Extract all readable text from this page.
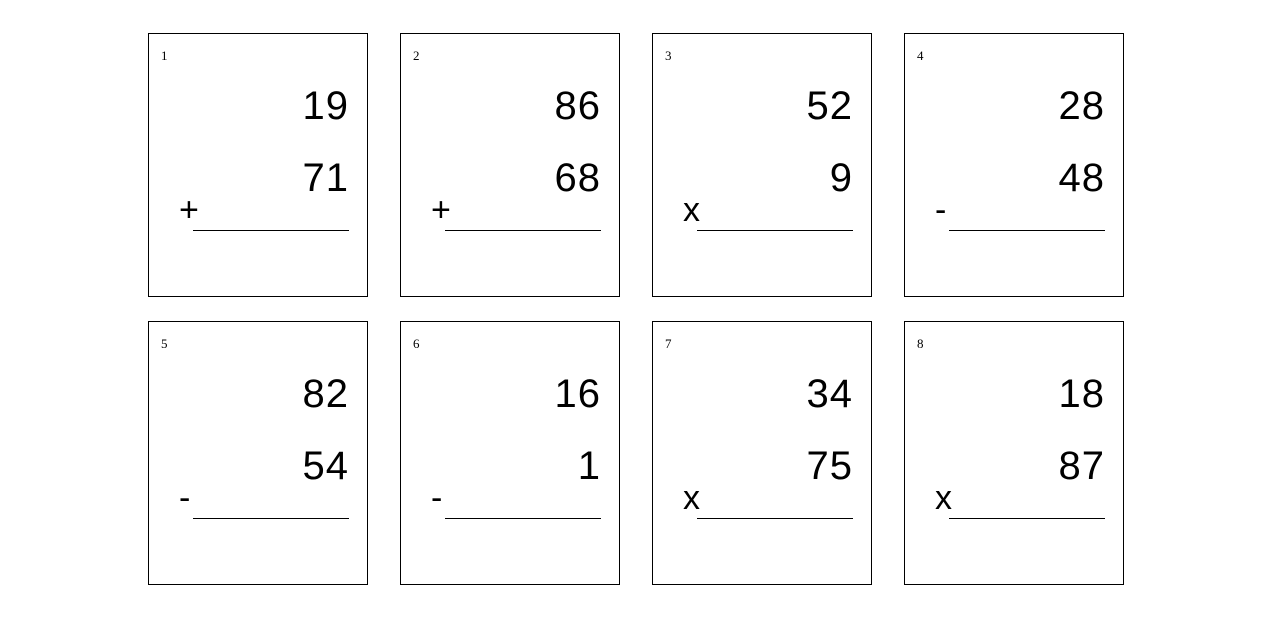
1
19
+
71
2
86
+
68
3
52
x
9
4
28
-
48
5
82
-
54
6
16
-
1
7
34
x
75
8
18
x
87
